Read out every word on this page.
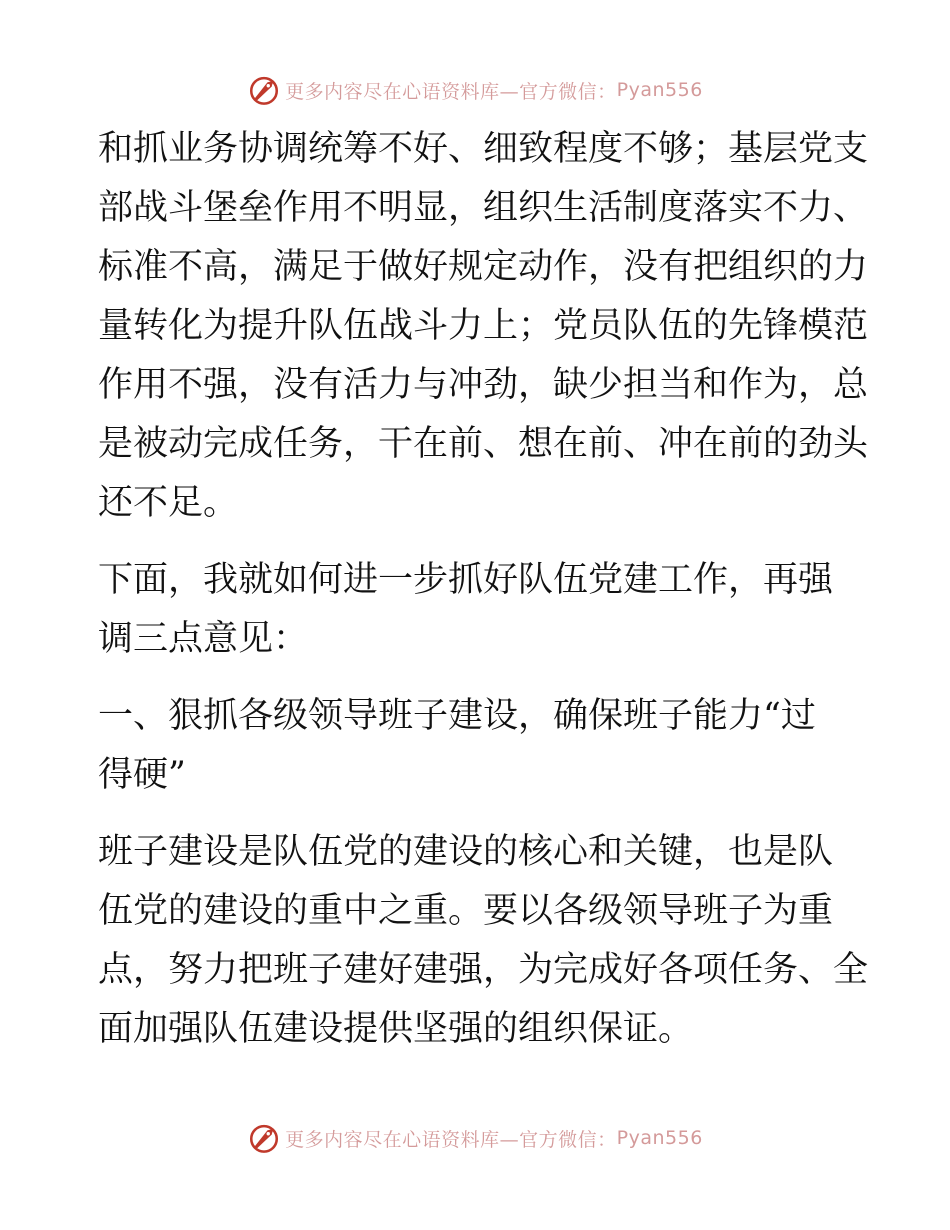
更多内容尽在心语资料库—官方微信： Pyan556
和抓业务协调统筹不好、细致程度不够；基层党支
部战斗堡垒作用不明显，组织生活制度落实不力、
标准不高，满足于做好规定动作，没有把组织的力
量转化为提升队伍战斗力上；党员队伍的先锋模范
作用不强，没有活力与冲劲，缺少担当和作为，总
是被动完成任务，干在前、想在前、冲在前的劲头
还不足。
下面，我就如何进一步抓好队伍党建工作，再强
调三点意见：
一、狠抓各级领导班子建设，确保班子能力“过
得硬”
班子建设是队伍党的建设的核心和关键，也是队
伍党的建设的重中之重。要以各级领导班子为重
点，努力把班子建好建强，为完成好各项任务、全
面加强队伍建设提供坚强的组织保证。
更多内容尽在心语资料库—官方微信： Pyan556
